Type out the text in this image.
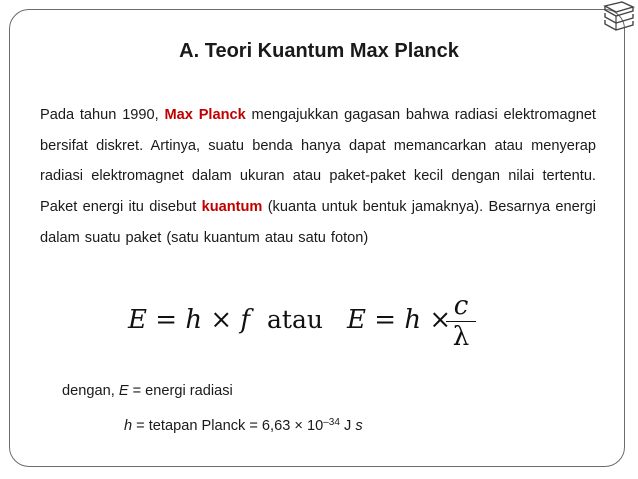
A. Teori Kuantum Max Planck

Pada tahun 1990, Max Planck mengajukkan gagasan bahwa radiasi elektromagnet bersifat diskret. Artinya, suatu benda hanya dapat memancarkan atau menyerap radiasi elektromagnet dalam ukuran atau paket-paket kecil dengan nilai tertentu. Paket energi itu disebut kuantum (kuanta untuk bentuk jamaknya). Besarnya energi dalam suatu paket (satu kuantum atau satu foton)

E = h × f atau E = h × c
λ

dengan, E = energi radiasi

h = tetapan Planck = $6,63 \times 10^{-34}$ J s
